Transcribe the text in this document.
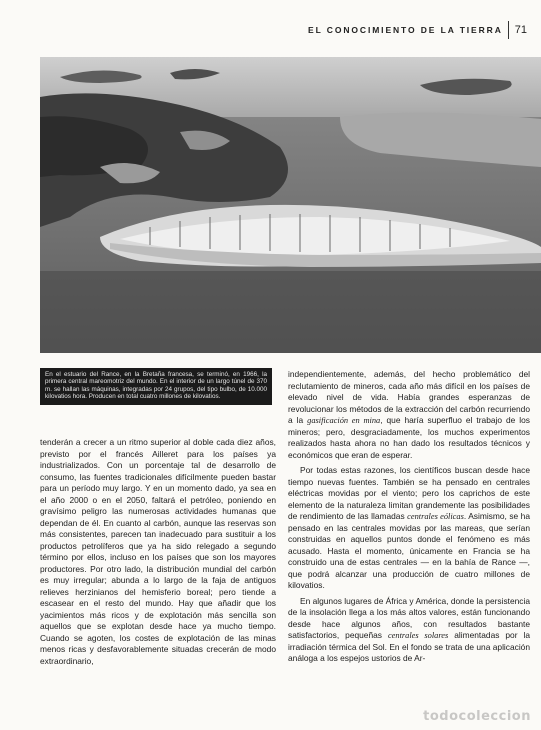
EL CONOCIMIENTO DE LA TIERRA 71
En el estuario del Rance, en la Bretaña francesa, se terminó, en 1966, la primera central mareomotriz del mundo. En el interior de un largo túnel de 370 m. se hallan las máquinas, integradas por 24 grupos, del tipo bulbo, de 10.000 kilovatios hora. Producen en total cuatro millones de kilovatios.

tenderán a crecer a un ritmo superior al doble cada diez años, previsto por el francés Ailleret para los países ya industrializados. Con un porcentaje tal de desarrollo de consumo, las fuentes tradicionales difícilmente pueden bastar para un período muy largo. Y en un momento dado, ya sea en el año 2000 o en el 2050, faltará el petróleo, poniendo en gravísimo peligro las numerosas actividades humanas que dependan de él. En cuanto al carbón, aunque las reservas son más consistentes, parecen tan inadecuado para sustituir a los productos petrolíferos que ya ha sido relegado a segundo término por ellos, incluso en los países que son los mayores productores. Por otro lado, la distribución mundial del carbón es muy irregular; abunda a lo largo de la faja de antiguos relieves herzinianos del hemisferio boreal; pero tiende a escasear en el resto del mundo. Hay que añadir que los yacimientos más ricos y de explotación más sencilla son aquellos que se explotan desde hace ya mucho tiempo. Cuando se agoten, los costes de explotación de las minas menos ricas y desfavorablemente situadas crecerán de modo extraordinario,

independientemente, además, del hecho problemático del reclutamiento de mineros, cada año más difícil en los países de elevado nivel de vida. Había grandes esperanzas de revolucionar los métodos de la extracción del carbón recurriendo a la gasificación en mina, que haría superfluo el trabajo de los mineros; pero, desgraciadamente, los muchos experimentos realizados hasta ahora no han dado los resultados técnicos y económicos que eran de esperar.

Por todas estas razones, los científicos buscan desde hace tiempo nuevas fuentes. También se ha pensado en centrales eléctricas movidas por el viento; pero los caprichos de este elemento de la naturaleza limitan grandemente las posibilidades de rendimiento de las llamadas centrales eólicas. Asimismo, se ha pensado en las centrales movidas por las mareas, que serían construidas en aquellos puntos donde el fenómeno es más acusado. Hasta el momento, únicamente en Francia se ha construido una de estas centrales — en la bahía de Rance —, que podrá alcanzar una producción de cuatro millones de kilovatios.

En algunos lugares de África y América, donde la persistencia de la insolación llega a los más altos valores, están funcionando desde hace algunos años, con resultados bastante satisfactorios, pequeñas centrales solares alimentadas por la irradiación térmica del Sol. En el fondo se trata de una aplicación análoga a los espejos ustorios de Ar-

todocoleccion
